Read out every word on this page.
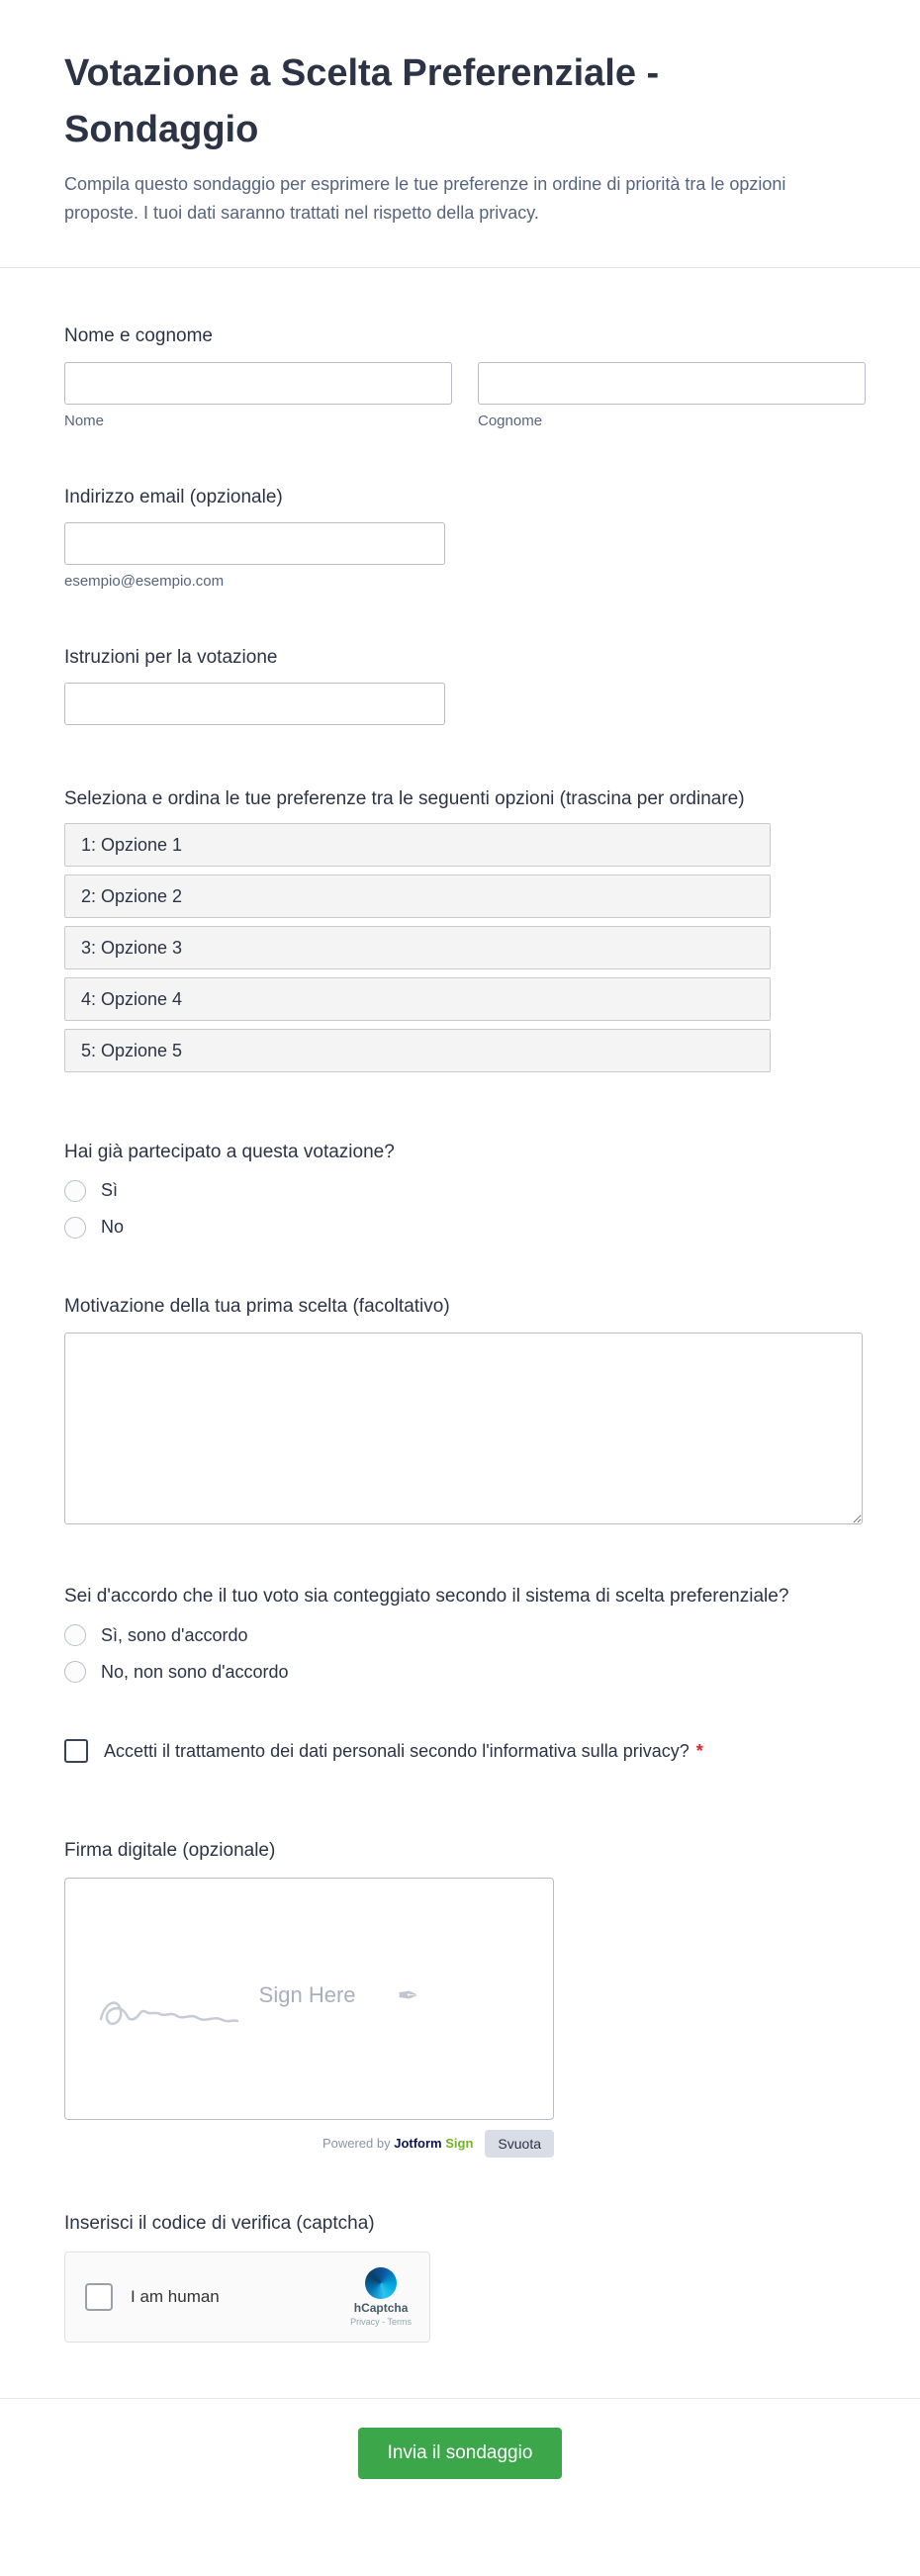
Votazione a Scelta Preferenziale - Sondaggio

Compila questo sondaggio per esprimere le tue preferenze in ordine di priorità tra le opzioni proposte. I tuoi dati saranno trattati nel rispetto della privacy.

Nome e cognome
Nome	Cognome
Indirizzo email (opzionale)
esempio@esempio.com
Istruzioni per la votazione
Seleziona e ordina le tue preferenze tra le seguenti opzioni (trascina per ordinare)
1: Opzione 1
2: Opzione 2
3: Opzione 3
4: Opzione 4
5: Opzione 5
Hai già partecipato a questa votazione?
Sì
No
Motivazione della tua prima scelta (facoltativo)
Sei d'accordo che il tuo voto sia conteggiato secondo il sistema di scelta preferenziale?
Sì, sono d'accordo
No, non sono d'accordo
Accetti il trattamento dei dati personali secondo l'informativa sulla privacy? *
Firma digitale (opzionale)
Sign Here ✒
Powered by Jotform Sign	Svuota
Inserisci il codice di verifica (captcha)
I am human
hCaptcha
Privacy - Terms
Invia il sondaggio
